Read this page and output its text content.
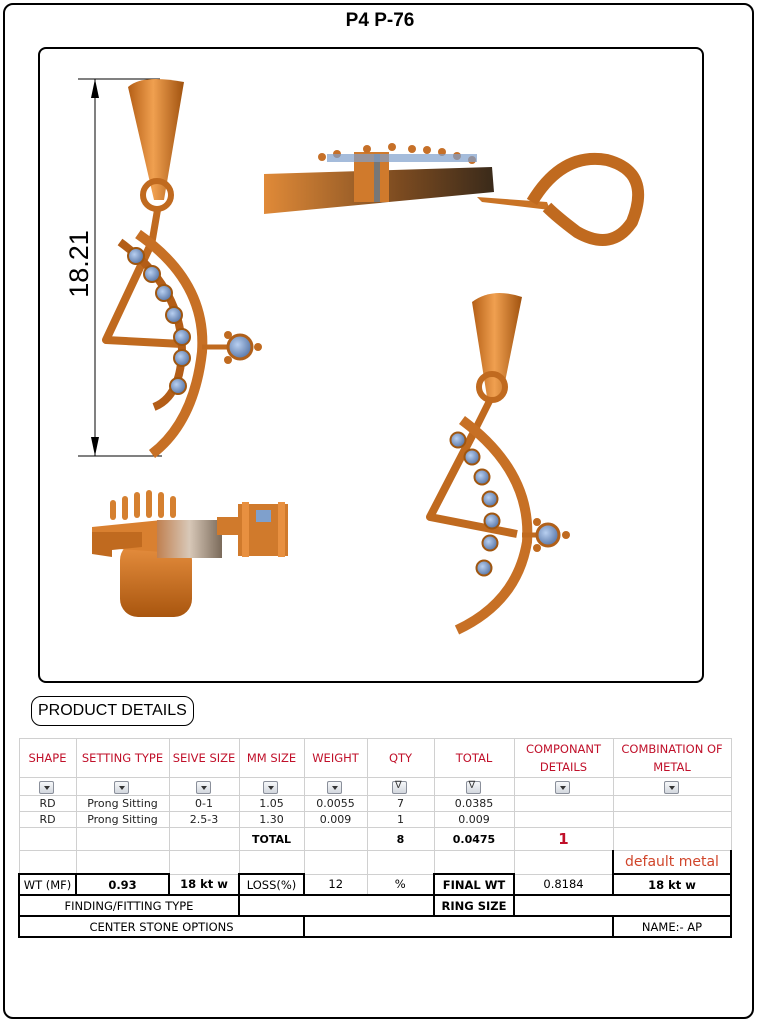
P4 P-76
18.21
PRODUCT DETAILS
SHAPE	SETTING TYPE	SEIVE SIZE	MM SIZE	WEIGHT	QTY	TOTAL	COMPONANT DETAILS	COMBINATION OF METAL

					∇	∇		

RD	Prong Sitting	0-1	1.05	0.0055	7	0.0385		
RD	Prong Sitting	2.5-3	1.30	0.009	1	0.009		
			TOTAL		8	0.0475	1	
								default metal
WT (MF)	0.93	18 kt w	LOSS(%)	12	%	FINAL WT	0.8184	18 kt w
FINDING/FITTING TYPE						RING SIZE		
CENTER STONE OPTIONS								NAME:- AP
